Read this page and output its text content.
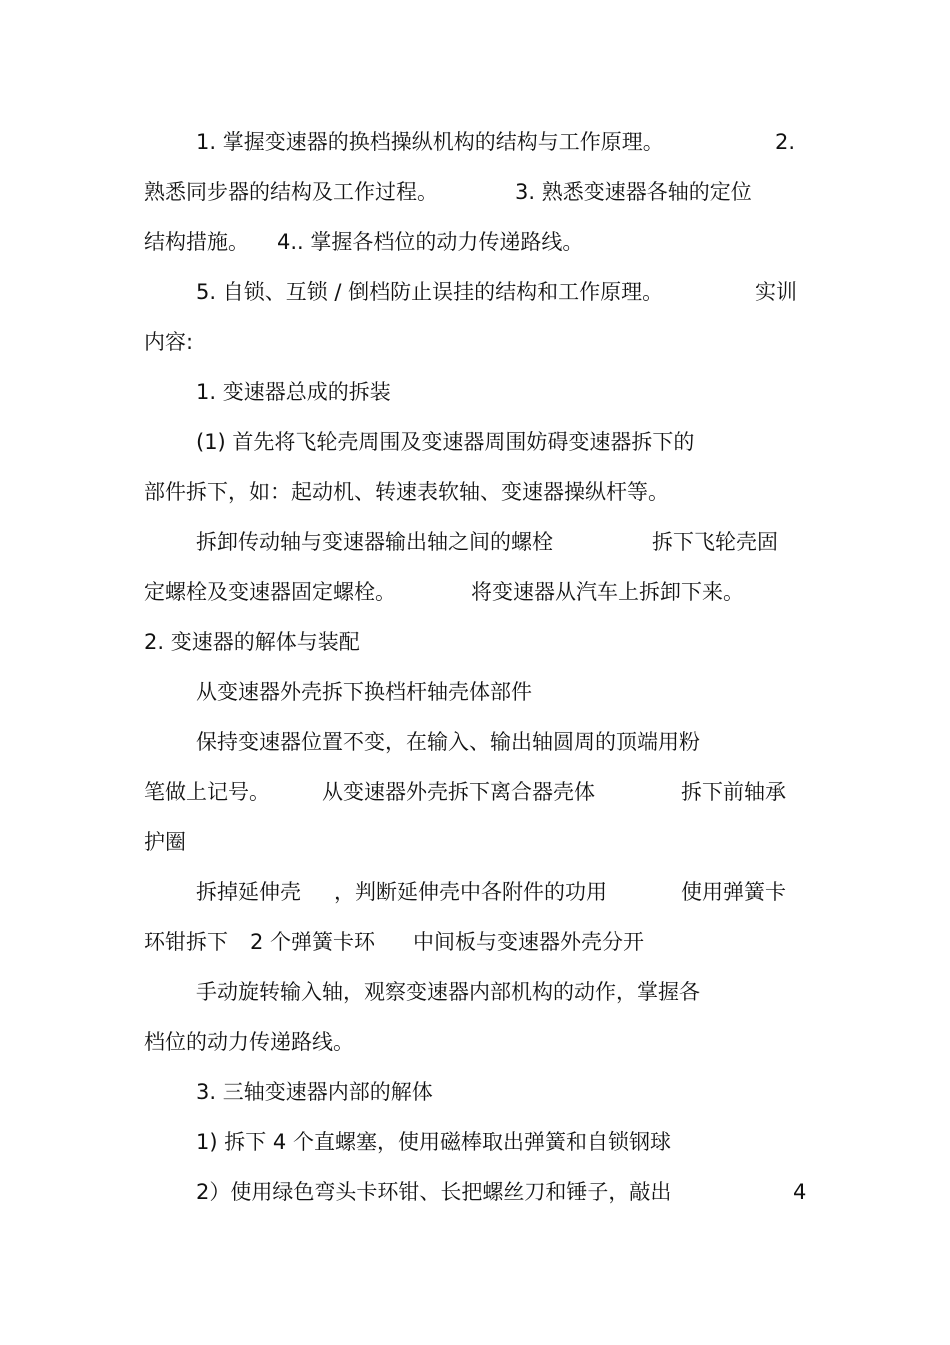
1. 掌握变速器的换档操纵机构的结构与工作原理。	2.
熟悉同步器的结构及工作过程。	3. 熟悉变速器各轴的定位
结构措施。 4.. 掌握各档位的动力传递路线。
5. 自锁、互锁 / 倒档防止误挂的结构和工作原理。	实训
内容:
1. 变速器总成的拆装
(1) 首先将飞轮壳周围及变速器周围妨碍变速器拆下的
部件拆下，如：起动机、转速表软轴、变速器操纵杆等。
拆卸传动轴与变速器输出轴之间的螺栓	拆下飞轮壳固
定螺栓及变速器固定螺栓。	将变速器从汽车上拆卸下来。
2. 变速器的解体与装配
从变速器外壳拆下换档杆轴壳体部件
保持变速器位置不变，在输入、输出轴圆周的顶端用粉
笔做上记号。 从变速器外壳拆下离合器壳体	拆下前轴承
护圈
拆掉延伸壳 ，判断延伸壳中各附件的功用	使用弹簧卡
环钳拆下 2 个弹簧卡环 中间板与变速器外壳分开
手动旋转输入轴，观察变速器内部机构的动作，掌握各
档位的动力传递路线。
3. 三轴变速器内部的解体
1) 拆下 4 个直螺塞，使用磁棒取出弹簧和自锁钢球
2）使用绿色弯头卡环钳、长把螺丝刀和锤子，敲出	4
